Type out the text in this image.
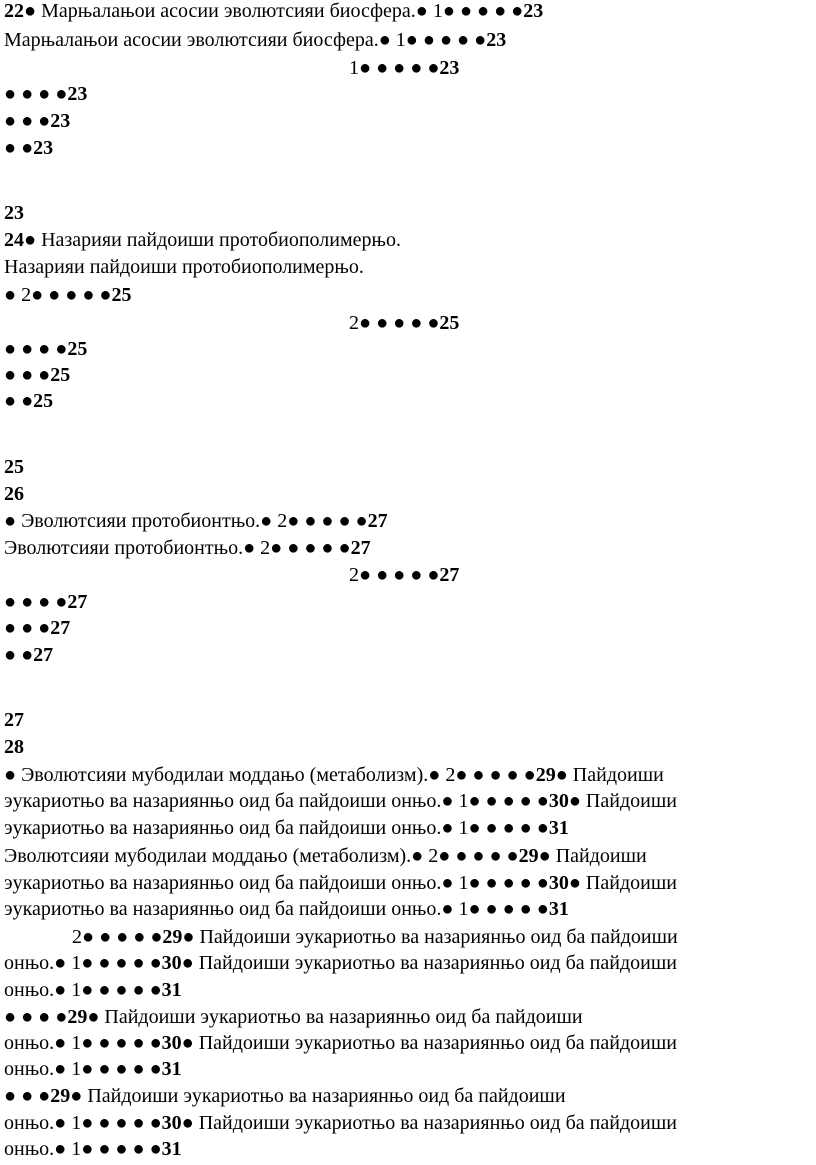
22● Марњалањои асосии эволютсияи биосфера.● 1● ● ● ● ●23

Марњалањои асосии эволютсияи биосфера.● 1● ● ● ● ●23

1● ● ● ● ●23

● ● ● ●23

● ● ●23

● ●23

23

24● Назарияи пайдоиши протобиополимерњо.

Назарияи пайдоиши протобиополимерњо.

● 2● ● ● ● ●25

2● ● ● ● ●25

● ● ● ●25

● ● ●25

● ●25

25

26

● Эволютсияи протобионтњо.● 2● ● ● ● ●27

Эволютсияи протобионтњо.● 2● ● ● ● ●27

2● ● ● ● ●27

● ● ● ●27

● ● ●27

● ●27

27

28

● Эволютсияи мубодилаи моддањо (метаболизм).● 2● ● ● ● ●29● Пайдоиши

эукариотњо ва назариянњо оид ба пайдоиши онњо.● 1● ● ● ● ●30● Пайдоиши

эукариотњо ва назариянњо оид ба пайдоиши онњо.● 1● ● ● ● ●31

Эволютсияи мубодилаи моддањо (метаболизм).● 2● ● ● ● ●29● Пайдоиши

эукариотњо ва назариянњо оид ба пайдоиши онњо.● 1● ● ● ● ●30● Пайдоиши

эукариотњо ва назариянњо оид ба пайдоиши онњо.● 1● ● ● ● ●31

2● ● ● ● ●29● Пайдоиши эукариотњо ва назариянњо оид ба пайдоиши

онњо.● 1● ● ● ● ●30● Пайдоиши эукариотњо ва назариянњо оид ба пайдоиши

онњо.● 1● ● ● ● ●31

● ● ● ●29● Пайдоиши эукариотњо ва назариянњо оид ба пайдоиши

онњо.● 1● ● ● ● ●30● Пайдоиши эукариотњо ва назариянњо оид ба пайдоиши

онњо.● 1● ● ● ● ●31

● ● ●29● Пайдоиши эукариотњо ва назариянњо оид ба пайдоиши

онњо.● 1● ● ● ● ●30● Пайдоиши эукариотњо ва назариянњо оид ба пайдоиши

онњо.● 1● ● ● ● ●31
